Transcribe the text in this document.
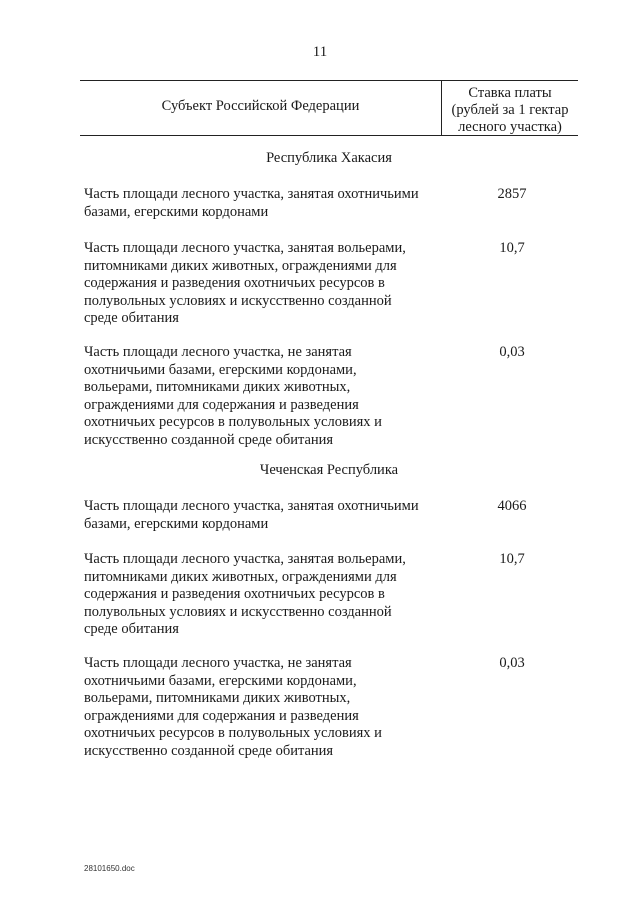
11
Субъект Российской Федерации
Ставка платы
(рублей за 1 гектар
лесного участка)
Республика Хакасия
Часть площади лесного участка, занятая охотничьими
базами, егерскими кордонами
2857
Часть площади лесного участка, занятая вольерами,
питомниками диких животных, ограждениями для
содержания и разведения охотничьих ресурсов в
полувольных условиях и искусственно созданной
среде обитания
10,7
Часть площади лесного участка, не занятая
охотничьими базами, егерскими кордонами,
вольерами, питомниками диких животных,
ограждениями для содержания и разведения
охотничьих ресурсов в полувольных условиях и
искусственно созданной среде обитания
0,03
Чеченская Республика
Часть площади лесного участка, занятая охотничьими
базами, егерскими кордонами
4066
Часть площади лесного участка, занятая вольерами,
питомниками диких животных, ограждениями для
содержания и разведения охотничьих ресурсов в
полувольных условиях и искусственно созданной
среде обитания
10,7
Часть площади лесного участка, не занятая
охотничьими базами, егерскими кордонами,
вольерами, питомниками диких животных,
ограждениями для содержания и разведения
охотничьих ресурсов в полувольных условиях и
искусственно созданной среде обитания
0,03
28101650.doc
